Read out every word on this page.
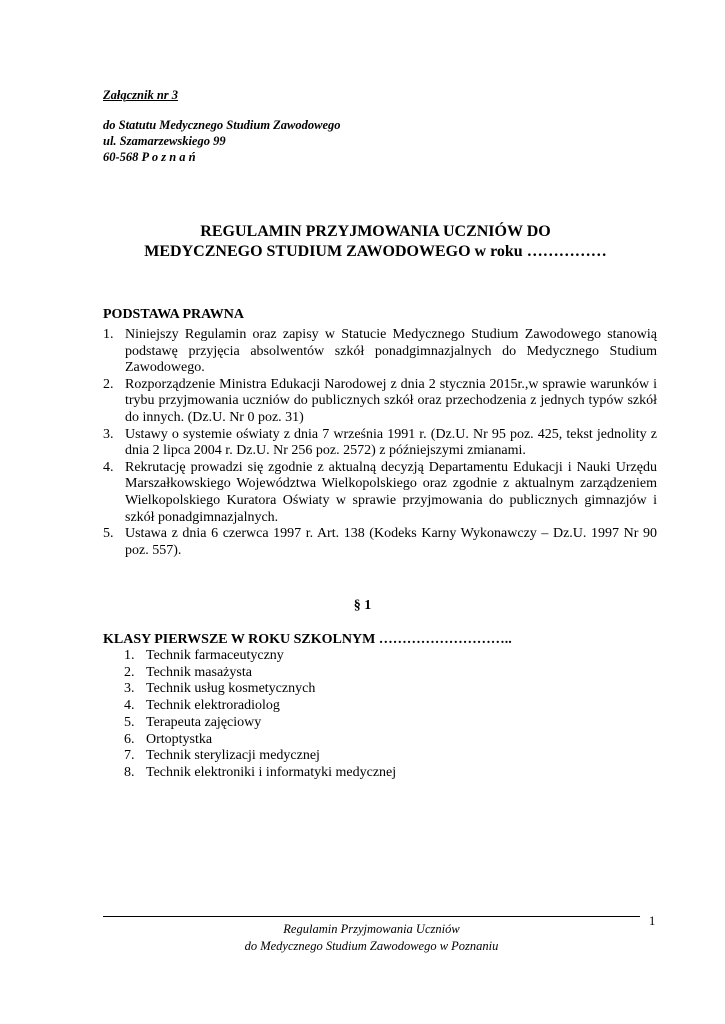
Załącznik nr 3
do Statutu Medycznego Studium Zawodowego
ul. Szamarzewskiego 99
60-568 P o z n a ń
REGULAMIN PRZYJMOWANIA UCZNIÓW DO
MEDYCZNEGO STUDIUM ZAWODOWEGO w roku ……………
PODSTAWA PRAWNA
1. Niniejszy Regulamin oraz zapisy w Statucie Medycznego Studium Zawodowego stanowią podstawę przyjęcia absolwentów szkół ponadgimnazjalnych do Medycznego Studium Zawodowego.
2. Rozporządzenie Ministra Edukacji Narodowej z dnia 2 stycznia 2015r.,w sprawie warunków i trybu przyjmowania uczniów do publicznych szkół oraz przechodzenia z jednych typów szkół do innych. (Dz.U. Nr 0 poz. 31)
3. Ustawy o systemie oświaty z dnia 7 września 1991 r. (Dz.U. Nr 95 poz. 425, tekst jednolity z dnia 2 lipca 2004 r. Dz.U. Nr 256 poz. 2572) z późniejszymi zmianami.
4. Rekrutację prowadzi się zgodnie z aktualną decyzją Departamentu Edukacji i Nauki Urzędu Marszałkowskiego Województwa Wielkopolskiego oraz zgodnie z aktualnym zarządzeniem Wielkopolskiego Kuratora Oświaty w sprawie przyjmowania do publicznych gimnazjów i szkół ponadgimnazjalnych.
5. Ustawa z dnia 6 czerwca 1997 r. Art. 138 (Kodeks Karny Wykonawczy – Dz.U. 1997 Nr 90 poz. 557).
§ 1
KLASY PIERWSZE W ROKU SZKOLNYM ………………………..
1. Technik farmaceutyczny
2. Technik masażysta
3. Technik usług kosmetycznych
4. Technik elektroradiolog
5. Terapeuta zajęciowy
6. Ortoptystka
7. Technik sterylizacji medycznej
8. Technik elektroniki i informatyki medycznej
Regulamin Przyjmowania Uczniów
do Medycznego Studium Zawodowego w Poznaniu
1
